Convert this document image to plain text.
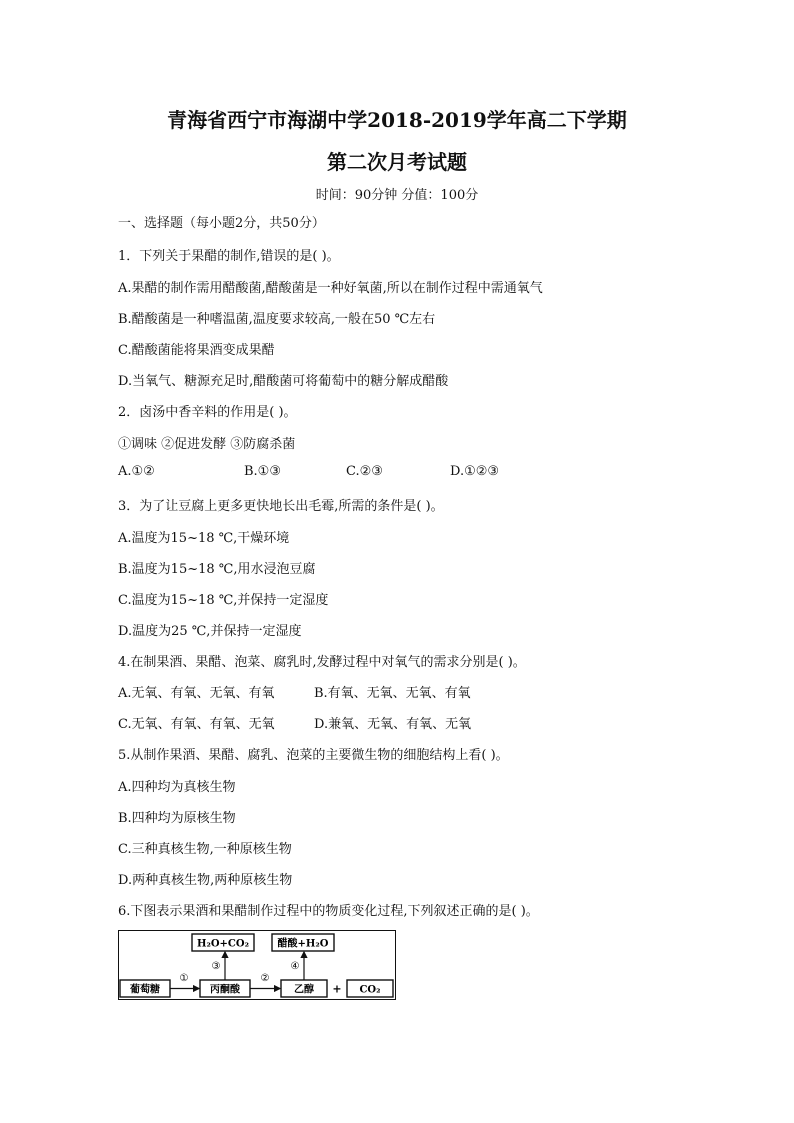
青海省西宁市海湖中学2018-2019学年高二下学期
第二次月考试题
时间：90分钟 分值：100分
一、选择题（每小题2分，共50分）
1．下列关于果醋的制作,错误的是( )。
A.果醋的制作需用醋酸菌,醋酸菌是一种好氧菌,所以在制作过程中需通氧气
B.醋酸菌是一种嗜温菌,温度要求较高,一般在50 ℃左右
C.醋酸菌能将果酒变成果醋
D.当氧气、糖源充足时,醋酸菌可将葡萄中的糖分解成醋酸
2．卤汤中香辛料的作用是( )。
①调味 ②促进发酵 ③防腐杀菌
A.①②	B.①③	C.②③	D.①②③
3．为了让豆腐上更多更快地长出毛霉,所需的条件是( )。
A.温度为15~18 ℃,干燥环境
B.温度为15~18 ℃,用水浸泡豆腐
C.温度为15~18 ℃,并保持一定湿度
D.温度为25 ℃,并保持一定湿度
4.在制果酒、果醋、泡菜、腐乳时,发酵过程中对氧气的需求分别是( )。
A.无氧、有氧、无氧、有氧	B.有氧、无氧、无氧、有氧
C.无氧、有氧、有氧、无氧	D.兼氧、无氧、有氧、无氧
5.从制作果酒、果醋、腐乳、泡菜的主要微生物的细胞结构上看( )。
A.四种均为真核生物
B.四种均为原核生物
C.三种真核生物,一种原核生物
D.两种真核生物,两种原核生物
6.下图表示果酒和果醋制作过程中的物质变化过程,下列叙述正确的是( )。
H₂O+CO₂	醋酸+H₂O
葡萄糖	丙酮酸	乙醇 + CO₂
①	②
③	④
